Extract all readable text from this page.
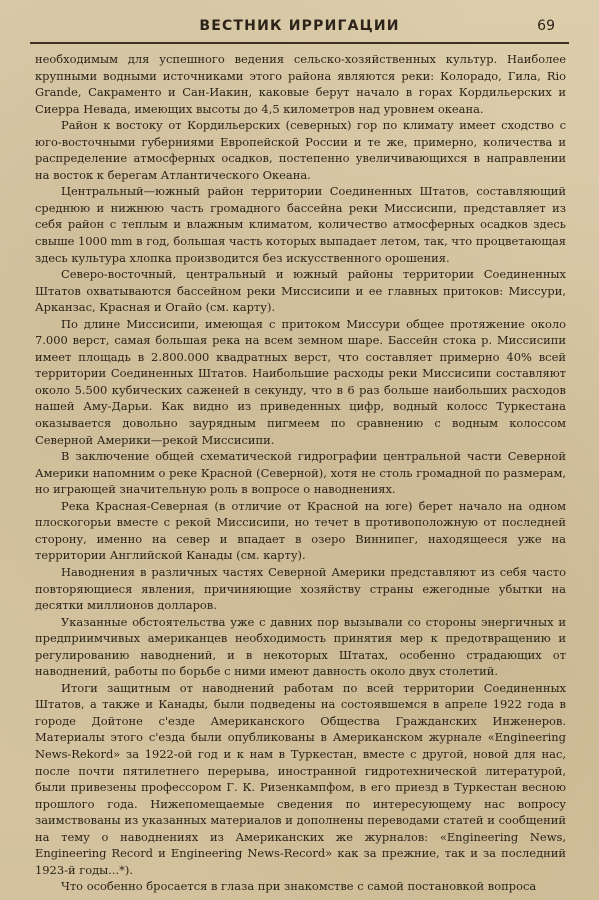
ВЕСТНИК ИРРИГАЦИИ	69

необходимым для успешного ведения сельско-хозяйственных культур. Наиболее крупными водными источниками этого района являются реки: Колорадо, Гила, Rio Grande, Сакраменто и Сан-Иакин, каковые берут начало в горах Кордильерских и Сиерра Невада, имеющих высоты до 4,5 километров над уровнем океана.

Район к востоку от Кордильерских (северных) гор по климату имеет сходство с юго-восточными губерниями Европейской России и те же, примерно, количества и распределение атмосферных осадков, постепенно увеличивающихся в направлении на восток к берегам Атлантического Океана.

Центральный—южный район территории Соединенных Штатов, составляющий среднюю и нижнюю часть громадного бассейна реки Миссисипи, представляет из себя район с теплым и влажным климатом, количество атмосферных осадков здесь свыше 1000 mm в год, большая часть которых выпадает летом, так, что процветающая здесь культура хлопка производится без искусственного орошения.

Северо-восточный, центральный и южный районы территории Соединенных Штатов охватываются бассейном реки Миссисипи и ее главных притоков: Миссури, Арканзас, Красная и Огайо (см. карту).

По длине Миссисипи, имеющая с притоком Миссури общее протяжение около 7.000 верст, самая большая река на всем земном шаре. Бассейн стока р. Миссисипи имеет площадь в 2.800.000 квадратных верст, что составляет примерно 40% всей территории Соединенных Штатов. Наибольшие расходы реки Миссисипи составляют около 5.500 кубических саженей в секунду, что в 6 раз больше наибольших расходов нашей Аму-Дарьи. Как видно из приведенных цифр, водный колосс Туркестана оказывается довольно заурядным пигмеем по сравнению с водным колоссом Северной Америки—рекой Миссисипи.

В заключение общей схематической гидрографии центральной части Северной Америки напомним о реке Красной (Северной), хотя не столь громадной по размерам, но играющей значительную роль в вопросе о наводнениях.

Река Красная-Северная (в отличие от Красной на юге) берет начало на одном плоскогорьи вместе с рекой Миссисипи, но течет в противоположную от последней сторону, именно на север и впадает в озеро Виннипег, находящееся уже на территории Английской Канады (см. карту).

Наводнения в различных частях Северной Америки представляют из себя часто повторяющиеся явления, причиняющие хозяйству страны ежегодные убытки на десятки миллионов долларов.

Указанные обстоятельства уже с давних пор вызывали со стороны энергичных и предприимчивых американцев необходимость принятия мер к предотвращению и регулированию наводнений, и в некоторых Штатах, особенно страдающих от наводнений, работы по борьбе с ними имеют давность около двух столетий.

Итоги защитным от наводнений работам по всей территории Соединенных Штатов, а также и Канады, были подведены на состоявшемся в апреле 1922 года в городе Дойтоне с'езде Американского Общества Гражданских Инженеров. Материалы этого с'езда были опубликованы в Американском журнале «Engineering News-Rekord» за 1922-ой год и к нам в Туркестан, вместе с другой, новой для нас, после почти пятилетнего перерыва, иностранной гидротехнической литературой, были привезены профессором Г. К. Ризенкампфом, в его приезд в Туркестан весною прошлого года. Нижепомещаемые сведения по интересующему нас вопросу заимствованы из указанных материалов и дополнены переводами статей и сообщений на тему о наводнениях из Американских же журналов: «Engineering News, Engineering Record и Engineering News-Record» как за прежние, так и за последний 1923-й годы...*).

Что особенно бросается в глаза при знакомстве с самой постановкой вопроса
